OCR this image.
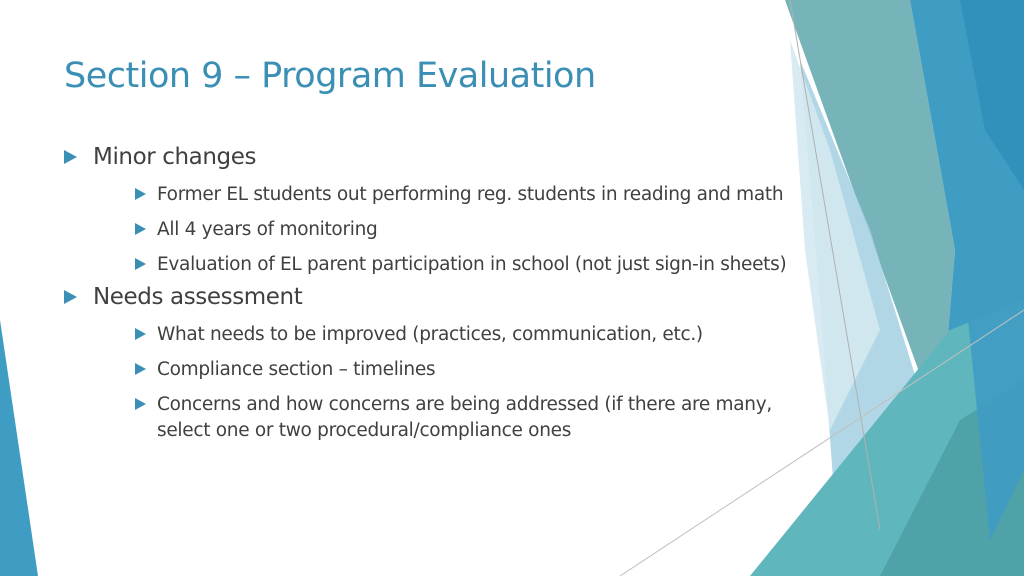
Section 9 – Program Evaluation
Minor changes
Former EL students out performing reg. students in reading and math
All 4 years of monitoring
Evaluation of EL parent participation in school (not just sign-in sheets)
Needs assessment
What needs to be improved (practices, communication, etc.)
Compliance section – timelines
Concerns and how concerns are being addressed (if there are many, select one or two procedural/compliance ones
